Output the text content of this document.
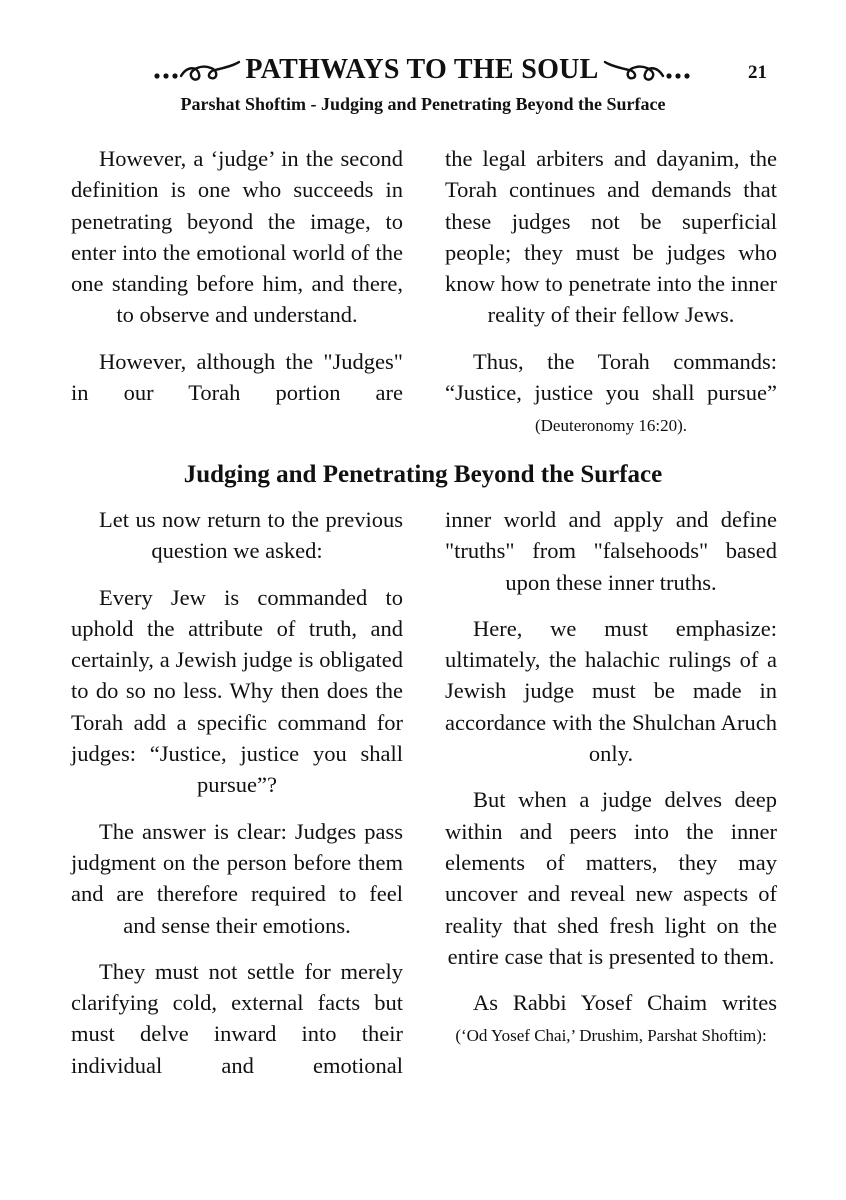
PATHWAYS TO THE SOUL	21
Parshat Shoftim - Judging and Penetrating Beyond the Surface

However, a ‘judge’ in the second definition is one who succeeds in penetrating beyond the image, to enter into the emotional world of the one standing before him, and there, to observe and understand.

However, although the "Judges" in our Torah portion are

the legal arbiters and dayanim, the Torah continues and demands that these judges not be superficial people; they must be judges who know how to penetrate into the inner reality of their fellow Jews.

Thus, the Torah commands: “Justice, justice you shall pursue” (Deuteronomy 16:20).

Judging and Penetrating Beyond the Surface

Let us now return to the previous question we asked:

Every Jew is commanded to uphold the attribute of truth, and certainly, a Jewish judge is obligated to do so no less. Why then does the Torah add a specific command for judges: “Justice, justice you shall pursue”?

The answer is clear: Judges pass judgment on the person before them and are therefore required to feel and sense their emotions.

They must not settle for merely clarifying cold, external facts but must delve inward into their individual and emotional

inner world and apply and define "truths" from "falsehoods" based upon these inner truths.

Here, we must emphasize: ultimately, the halachic rulings of a Jewish judge must be made in accordance with the Shulchan Aruch only.

But when a judge delves deep within and peers into the inner elements of matters, they may uncover and reveal new aspects of reality that shed fresh light on the entire case that is presented to them.

As Rabbi Yosef Chaim writes (‘Od Yosef Chai,’ Drushim, Parshat Shoftim):
